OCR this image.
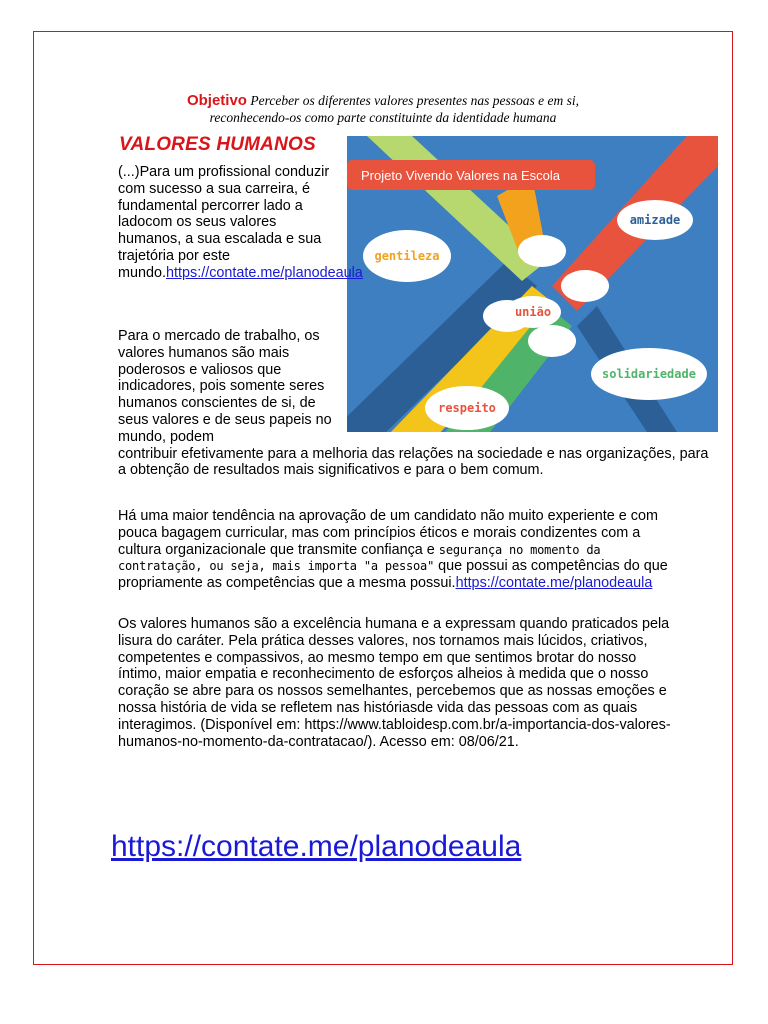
Objetivo Perceber os diferentes valores presentes nas pessoas e em si,
reconhecendo-os como parte constituinte da identidade humana
VALORES HUMANOS
Projeto Vivendo Valores na Escola
amizade
gentileza
união
solidariedade
respeito

(...)Para um profissional conduzir com sucesso a sua carreira, é fundamental percorrer lado a ladocom os seus valores humanos, a sua escalada e sua trajetória por este mundo.https://contate.me/planodeaula

Para o mercado de trabalho, os valores humanos são mais poderosos e valiosos que indicadores, pois somente seres humanos conscientes de si, de seus valores e de seus papeis no mundo, podem
contribuir efetivamente para a melhoria das relações na sociedade e nas organizações, para a obtenção de resultados mais significativos e para o bem comum.

Há uma maior tendência na aprovação de um candidato não muito experiente e com pouca bagagem curricular, mas com princípios éticos e morais condizentes com a cultura organizacionale que transmite confiança e segurança no momento da contratação, ou seja, mais importa "a pessoa" que possui as competências do que propriamente as competências que a mesma possui.https://contate.me/planodeaula

Os valores humanos são a excelência humana e a expressam quando praticados pela lisura do caráter. Pela prática desses valores, nos tornamos mais lúcidos, criativos, competentes e compassivos, ao mesmo tempo em que sentimos brotar do nosso íntimo, maior empatia e reconhecimento de esforços alheios à medida que o nosso coração se abre para os nossos semelhantes, percebemos que as nossas emoções e nossa história de vida se refletem nas históriasde vida das pessoas com as quais interagimos. (Disponível em: https://www.tabloidesp.com.br/a-importancia-dos-valores-humanos-no-momento-da-contratacao/). Acesso em: 08/06/21.

https://contate.me/planodeaula
